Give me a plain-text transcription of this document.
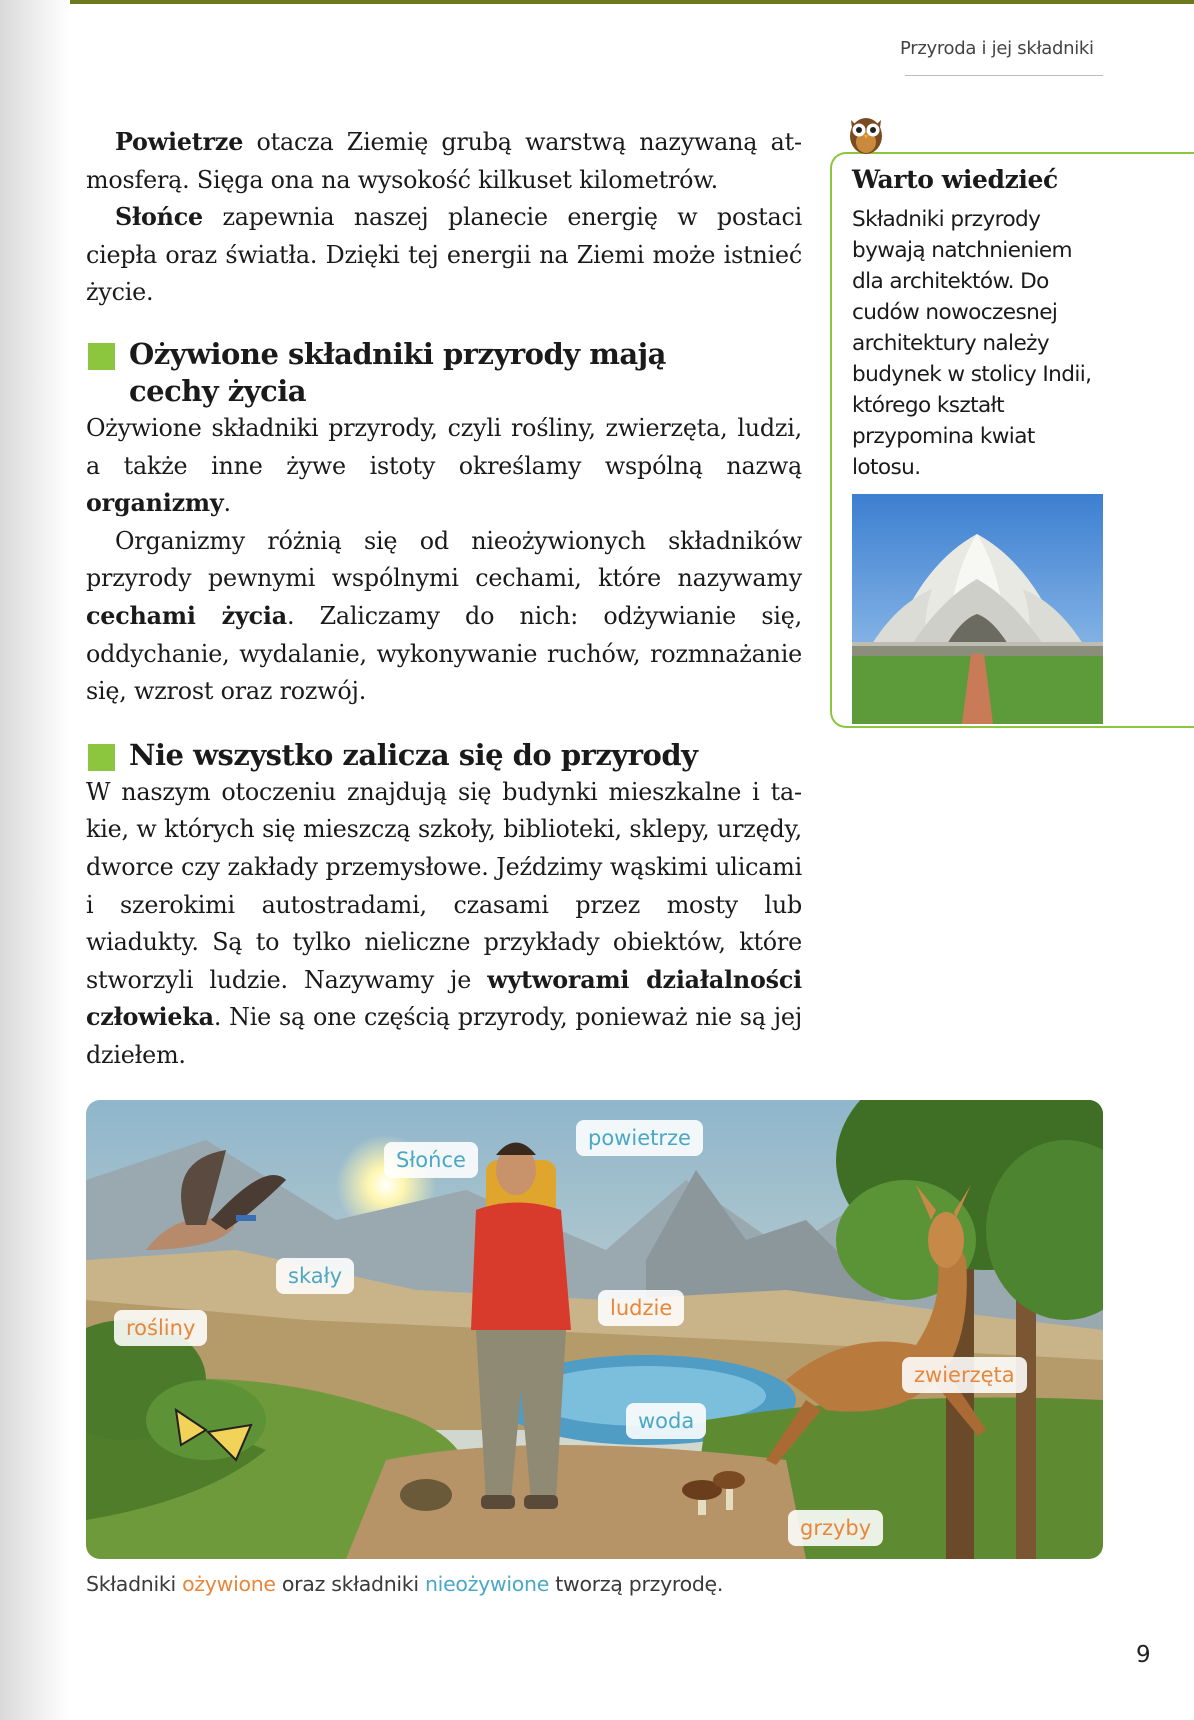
Przyroda i jej składniki

Powietrze otacza Ziemię grubą warstwą nazywaną atmosferą. Sięga ona na wysokość kilkuset kilometrów.

Słońce zapewnia naszej planecie energię w postaci ciepła oraz światła. Dzięki tej energii na Ziemi może istnieć życie.

Ożywione składniki przyrody mają
cechy życia

Ożywione składniki przyrody, czyli rośliny, zwierzęta, ludzi, a także inne żywe istoty określamy wspólną nazwą organizmy.

Organizmy różnią się od nieożywionych składników przyrody pewnymi wspólnymi cechami, które nazywamy cechami życia. Zaliczamy do nich: odżywianie się, oddychanie, wydalanie, wykonywanie ruchów, rozmnażanie się, wzrost oraz rozwój.

Nie wszystko zalicza się do przyrody

W naszym otoczeniu znajdują się budynki mieszkalne i takie, w których się mieszczą szkoły, biblioteki, sklepy, urzędy, dworce czy zakłady przemysłowe. Jeździmy wąskimi ulicami i szerokimi autostradami, czasami przez mosty lub wiadukty. Są to tylko nieliczne przykłady obiektów, które stworzyli ludzie. Nazywamy je wytworami działalności człowieka. Nie są one częścią przyrody, ponieważ nie są jej dziełem.

Warto wiedzieć
Składniki przyrody bywają natchnieniem dla architektów. Do cudów nowoczesnej architektury należy budynek w stolicy Indii, którego kształt przypomina kwiat lotosu.
Słońce
powietrze
skały
ludzie
rośliny
zwierzęta
woda
grzyby
Składniki ożywione oraz składniki nieożywione tworzą przyrodę.
9
